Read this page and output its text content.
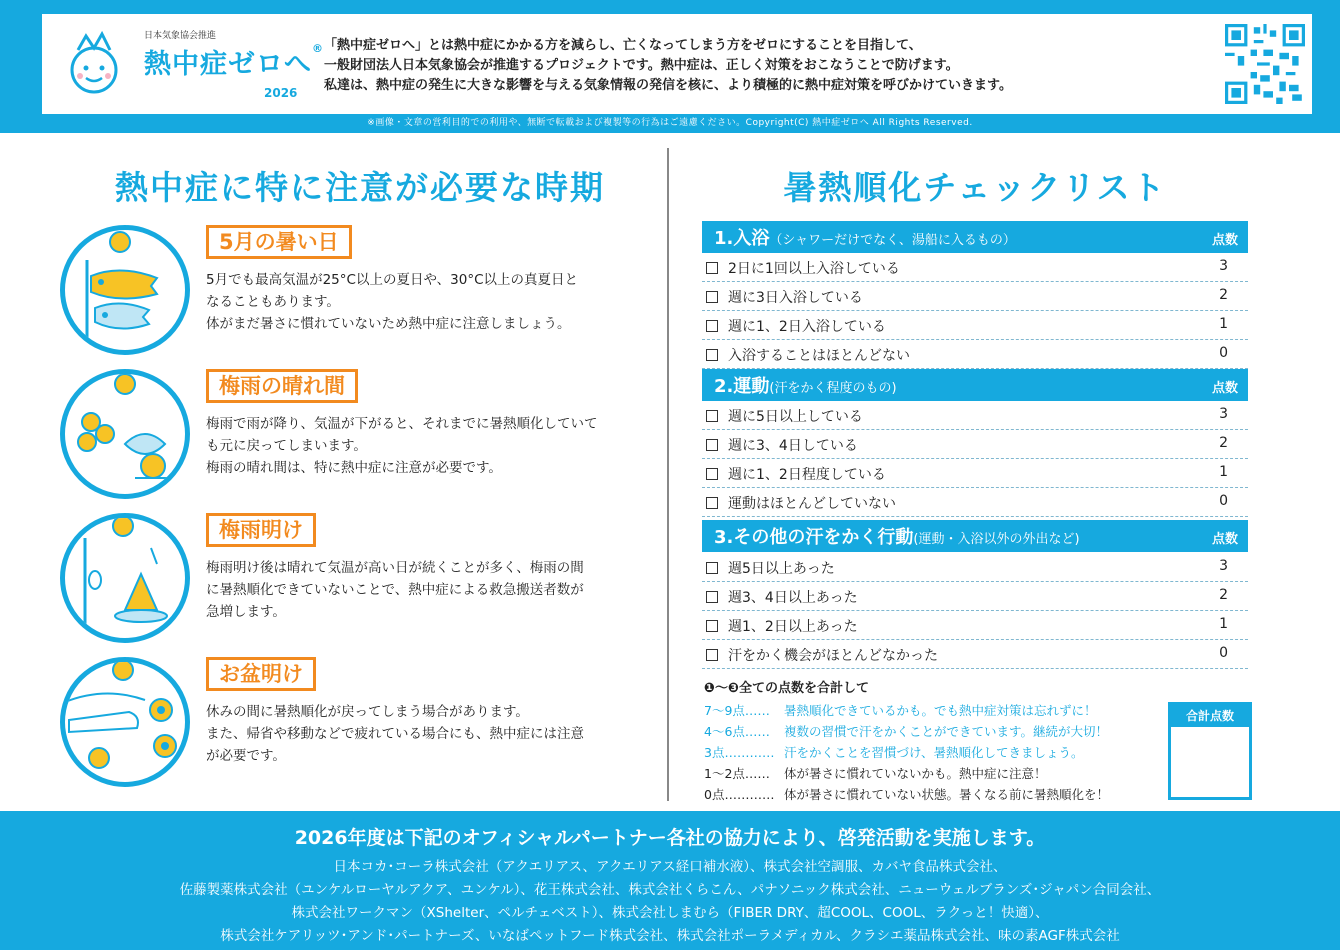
日本気象協会推進
熱中症ゼロへ®
2026
「熱中症ゼロへ」とは熱中症にかかる方を減らし、亡くなってしまう方をゼロにすることを目指して、
一般財団法人日本気象協会が推進するプロジェクトです。熱中症は、正しく対策をおこなうことで防げます。
私達は、熱中症の発生に大きな影響を与える気象情報の発信を核に、より積極的に熱中症対策を呼びかけていきます。
※画像・文章の営利目的での利用や、無断で転載および複製等の行為はご遠慮ください。Copyright(C) 熱中症ゼロへ All Rights Reserved.
熱中症に特に注意が必要な時期
5月の暑い日
5月でも最高気温が25°C以上の夏日や、30°C以上の真夏日と
なることもあります。
体がまだ暑さに慣れていないため熱中症に注意しましょう。
梅雨の晴れ間
梅雨で雨が降り、気温が下がると、それまでに暑熱順化していて
も元に戻ってしまいます。
梅雨の晴れ間は、特に熱中症に注意が必要です。
梅雨明け
梅雨明け後は晴れて気温が高い日が続くことが多く、梅雨の間
に暑熱順化できていないことで、熱中症による救急搬送者数が
急増します。
お盆明け
休みの間に暑熱順化が戻ってしまう場合があります。
また、帰省や移動などで疲れている場合にも、熱中症には注意
が必要です。
暑熱順化チェックリスト
1.入浴（シャワーだけでなく、湯船に入るもの）	点数
2日に1回以上入浴している	3
週に3日入浴している	2
週に1、2日入浴している	1
入浴することはほとんどない	0
2.運動(汗をかく程度のもの)	点数
週に5日以上している	3
週に3、4日している	2
週に1、2日程度している	1
運動はほとんどしていない	0
3.その他の汗をかく行動(運動・入浴以外の外出など)	点数
週5日以上あった	3
週3、4日以上あった	2
週1、2日以上あった	1
汗をかく機会がほとんどなかった	0
❶～❸全ての点数を合計して
7～9点…… 暑熱順化できているかも。でも熱中症対策は忘れずに！
4～6点…… 複数の習慣で汗をかくことができています。継続が大切！
3点………… 汗をかくことを習慣づけ、暑熱順化してきましょう。
1～2点…… 体が暑さに慣れていないかも。熱中症に注意！
0点………… 体が暑さに慣れていない状態。暑くなる前に暑熱順化を！
合計点数
2026年度は下記のオフィシャルパートナー各社の協力により、啓発活動を実施します。
日本コカ･コーラ株式会社（アクエリアス、アクエリアス経口補水液）、株式会社空調服、カバヤ食品株式会社、
佐藤製薬株式会社（ユンケルローヤルアクア、ユンケル）、花王株式会社、株式会社くらこん、パナソニック株式会社、ニューウェルブランズ･ジャパン合同会社、
株式会社ワークマン（XShelter、ペルチェベスト）、株式会社しまむら（FIBER DRY、超COOL、COOL、ラクっと！快適）、
株式会社ケアリッツ･アンド･パートナーズ、いなばペットフード株式会社、株式会社ポーラメディカル、クラシエ薬品株式会社、味の素AGF株式会社
